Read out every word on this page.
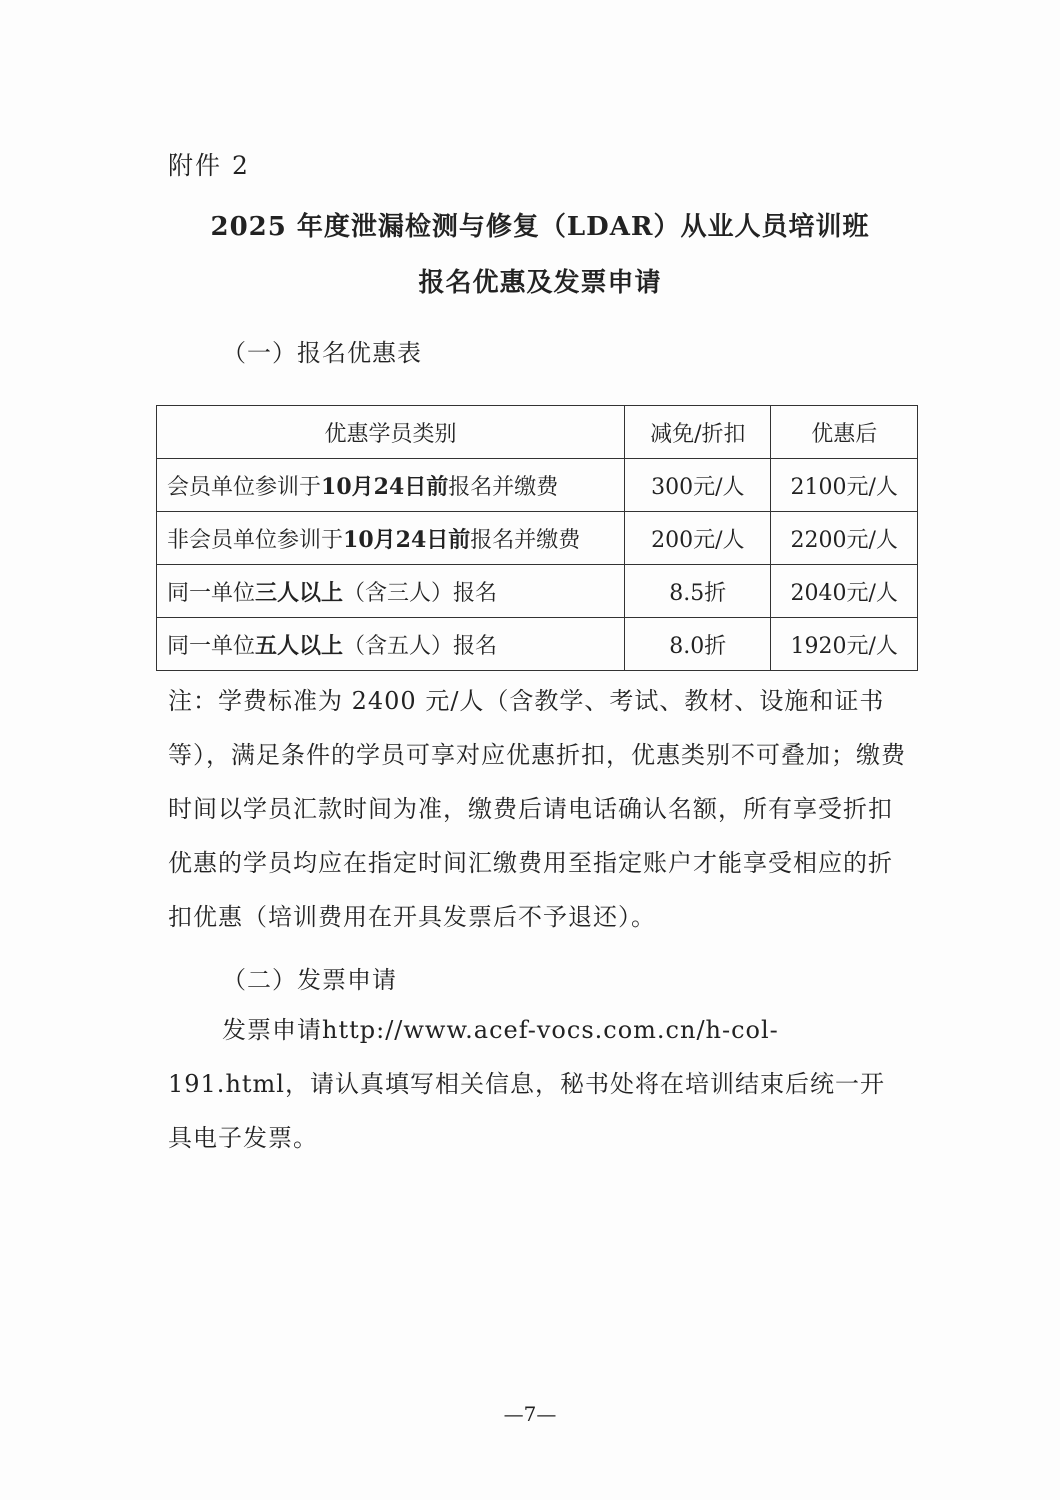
附件 2
2025 年度泄漏检测与修复（LDAR）从业人员培训班
报名优惠及发票申请
（一）报名优惠表
优惠学员类别	减免/折扣	优惠后
会员单位参训于10月24日前报名并缴费	300元/人	2100元/人
非会员单位参训于10月24日前报名并缴费	200元/人	2200元/人
同一单位三人以上（含三人）报名	8.5折	2040元/人
同一单位五人以上（含五人）报名	8.0折	1920元/人
注：学费标准为 2400 元/人（含教学、考试、教材、设施和证书等），满足条件的学员可享对应优惠折扣，优惠类别不可叠加；缴费时间以学员汇款时间为准，缴费后请电话确认名额，所有享受折扣优惠的学员均应在指定时间汇缴费用至指定账户才能享受相应的折扣优惠（培训费用在开具发票后不予退还）。
（二）发票申请
发票申请http://www.acef-vocs.com.cn/h-col-191.html，请认真填写相关信息，秘书处将在培训结束后统一开具电子发票。
—7—
